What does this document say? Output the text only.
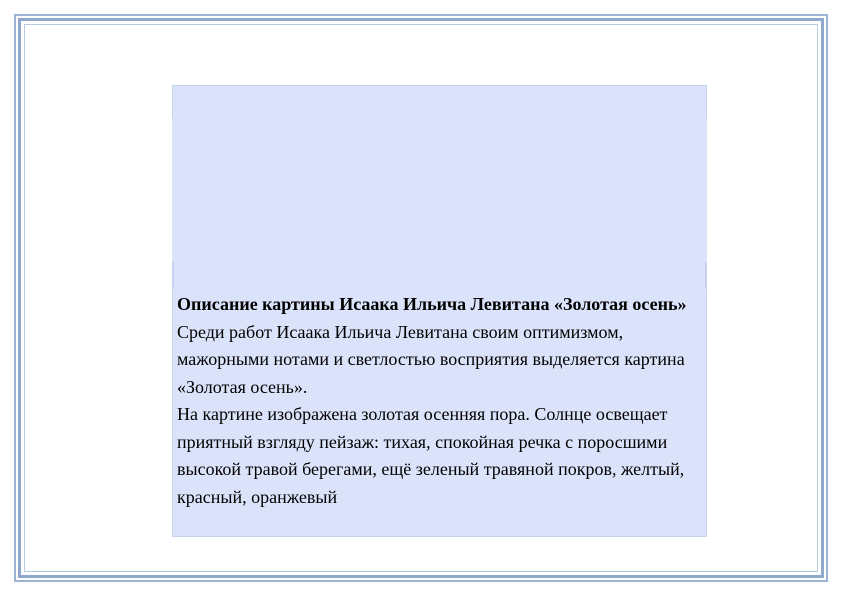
Описание картины Исаака Ильича Левитана «Золотая осень»

Среди работ Исаака Ильича Левитана своим оптимизмом, мажорными нотами и светлостью восприятия выделяется картина «Золотая осень».

На картине изображена золотая осенняя пора. Солнце освещает приятный взгляду пейзаж: тихая, спокойная речка с поросшими высокой травой берегами, ещё зеленый травяной покров, желтый, красный, оранжевый
